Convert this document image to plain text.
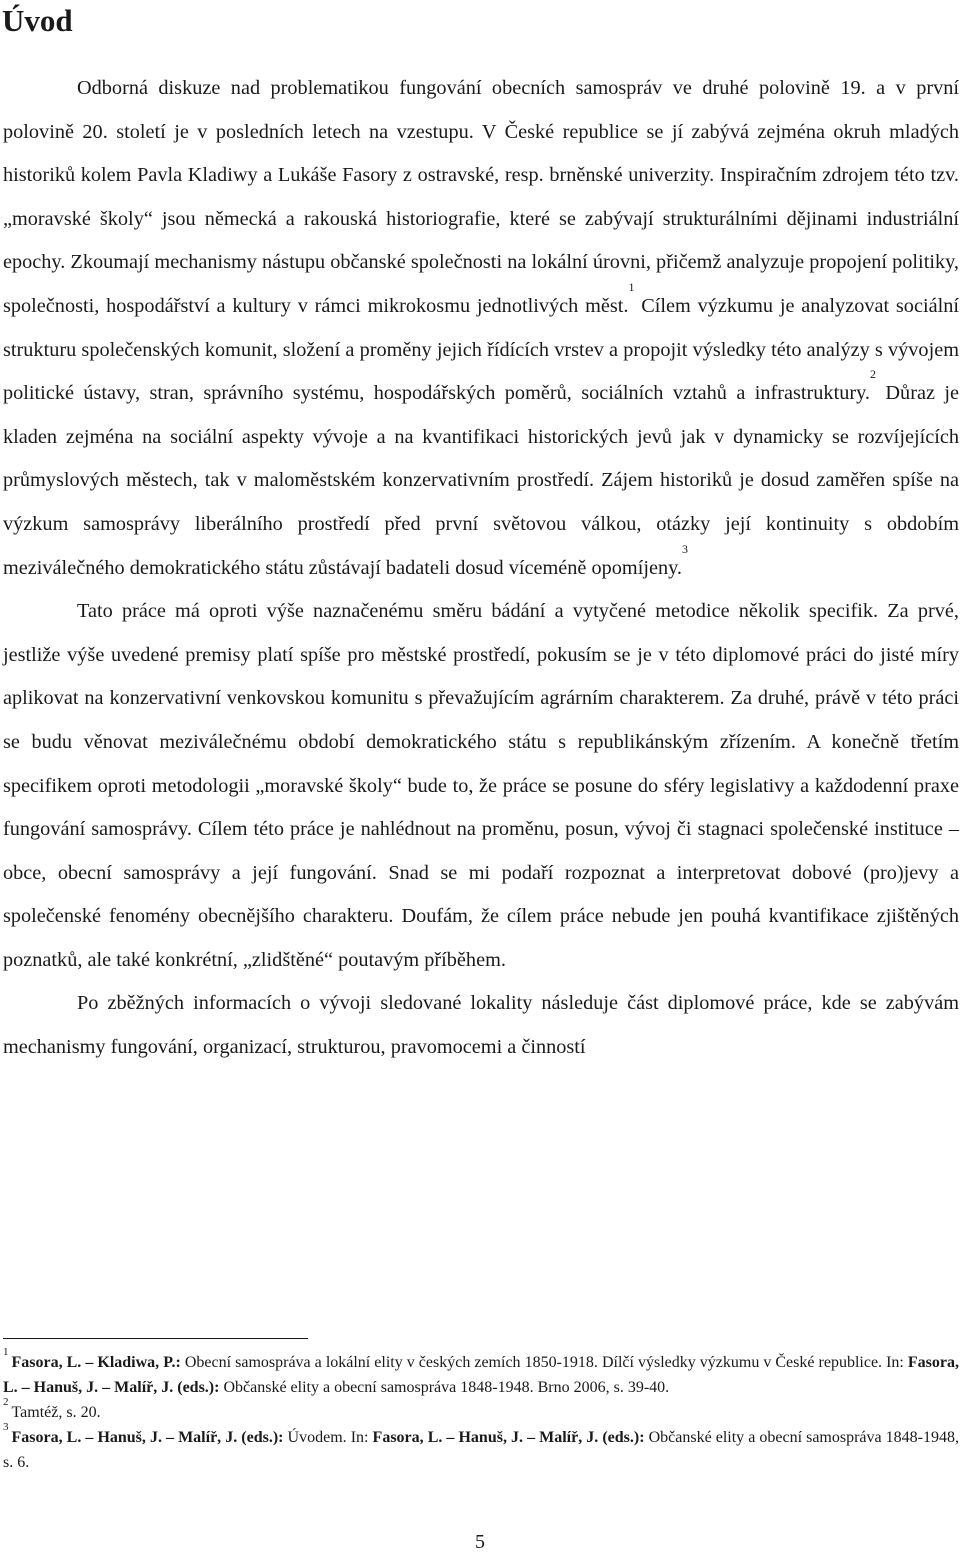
Úvod

Odborná diskuze nad problematikou fungování obecních samospráv ve druhé polovině 19. a v první polovině 20. století je v posledních letech na vzestupu. V České republice se jí zabývá zejména okruh mladých historiků kolem Pavla Kladiwy a Lukáše Fasory z ostravské, resp. brněnské univerzity. Inspiračním zdrojem této tzv. „moravské školy“ jsou německá a rakouská historiografie, které se zabývají strukturálními dějinami industriální epochy. Zkoumají mechanismy nástupu občanské společnosti na lokální úrovni, přičemž analyzuje propojení politiky, společnosti, hospodářství a kultury v rámci mikrokosmu jednotlivých měst.$^1$ Cílem výzkumu je analyzovat sociální strukturu společenských komunit, složení a proměny jejich řídících vrstev a propojit výsledky této analýzy s vývojem politické ústavy, stran, správního systému, hospodářských poměrů, sociálních vztahů a infrastruktury.$^2$ Důraz je kladen zejména na sociální aspekty vývoje a na kvantifikaci historických jevů jak v dynamicky se rozvíjejících průmyslových městech, tak v maloměstském konzervativním prostředí. Zájem historiků je dosud zaměřen spíše na výzkum samosprávy liberálního prostředí před první světovou válkou, otázky její kontinuity s obdobím meziválečného demokratického státu zůstávají badateli dosud víceméně opomíjeny.$^3$

Tato práce má oproti výše naznačenému směru bádání a vytyčené metodice několik specifik. Za prvé, jestliže výše uvedené premisy platí spíše pro městské prostředí, pokusím se je v této diplomové práci do jisté míry aplikovat na konzervativní venkovskou komunitu s převažujícím agrárním charakterem. Za druhé, právě v této práci se budu věnovat meziválečnému období demokratického státu s republikánským zřízením. A konečně třetím specifikem oproti metodologii „moravské školy“ bude to, že práce se posune do sféry legislativy a každodenní praxe fungování samosprávy. Cílem této práce je nahlédnout na proměnu, posun, vývoj či stagnaci společenské instituce – obce, obecní samosprávy a její fungování. Snad se mi podaří rozpoznat a interpretovat dobové (pro)jevy a společenské fenomény obecnějšího charakteru. Doufám, že cílem práce nebude jen pouhá kvantifikace zjištěných poznatků, ale také konkrétní, „zlidštěné“ poutavým příběhem.

Po zběžných informacích o vývoji sledované lokality následuje část diplomové práce, kde se zabývám mechanismy fungování, organizací, strukturou, pravomocemi a činností

$^1$Fasora, L. – Kladiwa, P.: Obecní samospráva a lokální elity v českých zemích 1850-1918. Dílčí výsledky výzkumu v České republice. In: Fasora, L. – Hanuš, J. – Malíř, J. (eds.): Občanské elity a obecní samospráva 1848-1948. Brno 2006, s. 39-40.

$^2$Tamtéž, s. 20.

$^3$Fasora, L. – Hanuš, J. – Malíř, J. (eds.): Úvodem. In: Fasora, L. – Hanuš, J. – Malíř, J. (eds.): Občanské elity a obecní samospráva 1848-1948, s. 6.

5
